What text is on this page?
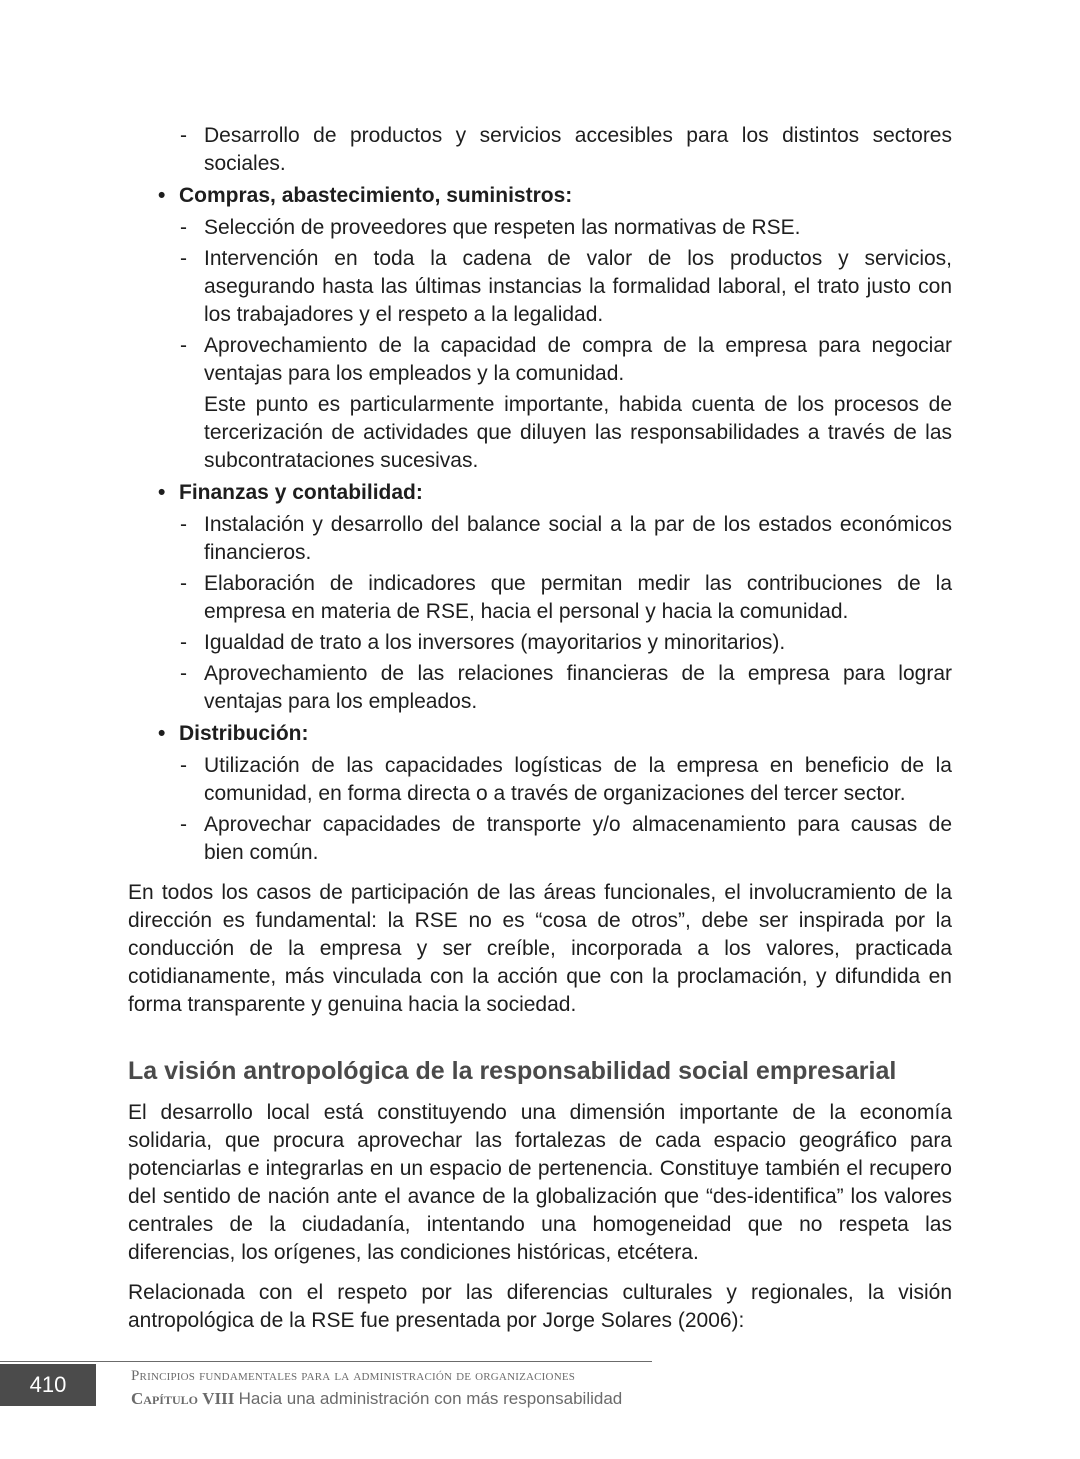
- Desarrollo de productos y servicios accesibles para los distintos sectores sociales.
• Compras, abastecimiento, suministros:
- Selección de proveedores que respeten las normativas de RSE.
- Intervención en toda la cadena de valor de los productos y servicios, asegurando hasta las últimas instancias la formalidad laboral, el trato justo con los trabajadores y el respeto a la legalidad.
- Aprovechamiento de la capacidad de compra de la empresa para negociar ventajas para los empleados y la comunidad.
Este punto es particularmente importante, habida cuenta de los procesos de tercerización de actividades que diluyen las responsabilidades a través de las subcontrataciones sucesivas.
• Finanzas y contabilidad:
- Instalación y desarrollo del balance social a la par de los estados económicos financieros.
- Elaboración de indicadores que permitan medir las contribuciones de la empresa en materia de RSE, hacia el personal y hacia la comunidad.
- Igualdad de trato a los inversores (mayoritarios y minoritarios).
- Aprovechamiento de las relaciones financieras de la empresa para lograr ventajas para los empleados.
• Distribución:
- Utilización de las capacidades logísticas de la empresa en beneficio de la comunidad, en forma directa o a través de organizaciones del tercer sector.
- Aprovechar capacidades de transporte y/o almacenamiento para causas de bien común.
En todos los casos de participación de las áreas funcionales, el involucramiento de la dirección es fundamental: la RSE no es “cosa de otros”, debe ser inspirada por la conducción de la empresa y ser creíble, incorporada a los valores, practicada cotidianamente, más vinculada con la acción que con la proclamación, y difundida en forma transparente y genuina hacia la sociedad.
La visión antropológica de la responsabilidad social empresarial
El desarrollo local está constituyendo una dimensión importante de la economía solidaria, que procura aprovechar las fortalezas de cada espacio geográfico para potenciarlas e integrarlas en un espacio de pertenencia. Constituye también el recupero del sentido de nación ante el avance de la globalización que “des-identifica” los valores centrales de la ciudadanía, intentando una homogeneidad que no respeta las diferencias, los orígenes, las condiciones históricas, etcétera.
Relacionada con el respeto por las diferencias culturales y regionales, la visión antropológica de la RSE fue presentada por Jorge Solares (2006):
410	Principios fundamentales para la administración de organizaciones
Capítulo VIII Hacia una administración con más responsabilidad
